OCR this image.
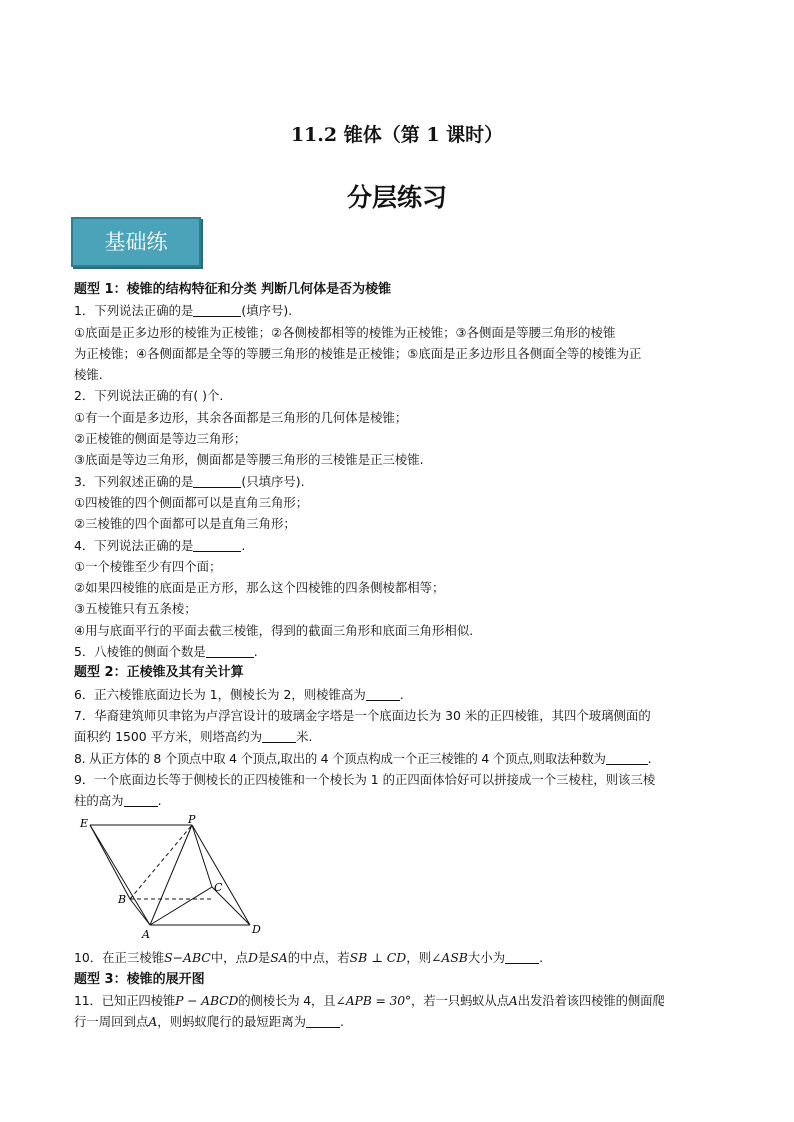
11.2 锥体（第 1 课时）
分层练习
基础练
题型 1：棱锥的结构特征和分类 判断几何体是否为棱锥
1．下列说法正确的是	(填序号).
①底面是正多边形的棱锥为正棱锥；②各侧棱都相等的棱锥为正棱锥；③各侧面是等腰三角形的棱锥
为正棱锥；④各侧面都是全等的等腰三角形的棱锥是正棱锥；⑤底面是正多边形且各侧面全等的棱锥为正
棱锥.
2．下列说法正确的有( )个.
①有一个面是多边形，其余各面都是三角形的几何体是棱锥；
②正棱锥的侧面是等边三角形；
③底面是等边三角形，侧面都是等腰三角形的三棱锥是正三棱锥.
3．下列叙述正确的是	(只填序号).
①四棱锥的四个侧面都可以是直角三角形；
②三棱锥的四个面都可以是直角三角形；
4．下列说法正确的是	.
①一个棱锥至少有四个面；
②如果四棱锥的底面是正方形，那么这个四棱锥的四条侧棱都相等；
③五棱锥只有五条棱；
④用与底面平行的平面去截三棱锥，得到的截面三角形和底面三角形相似.
5．八棱锥的侧面个数是	.
题型 2：正棱锥及其有关计算
6．正六棱锥底面边长为 1，侧棱长为 2，则棱锥高为	.
7．华裔建筑师贝聿铭为卢浮宫设计的玻璃金字塔是一个底面边长为 30 米的正四棱锥，其四个玻璃侧面的
面积约 1500 平方米，则塔高约为	米.
8. 从正方体的 8 个顶点中取 4 个顶点,取出的 4 个顶点构成一个正三棱锥的 4 个顶点,则取法种数为	.
9．一个底面边长等于侧棱长的正四棱锥和一个棱长为 1 的正四面体恰好可以拼接成一个三棱柱，则该三棱
柱的高为	.
E	P
B
C
A	D
10．在正三棱锥S−ABC中，点D是SA的中点，若SB ⊥ CD，则∠ASB大小为	.
题型 3：棱锥的展开图
11．已知正四棱锥P − ABCD的侧棱长为 4，且∠APB = 30°，若一只蚂蚁从点A出发沿着该四棱锥的侧面爬
行一周回到点A，则蚂蚁爬行的最短距离为	.
